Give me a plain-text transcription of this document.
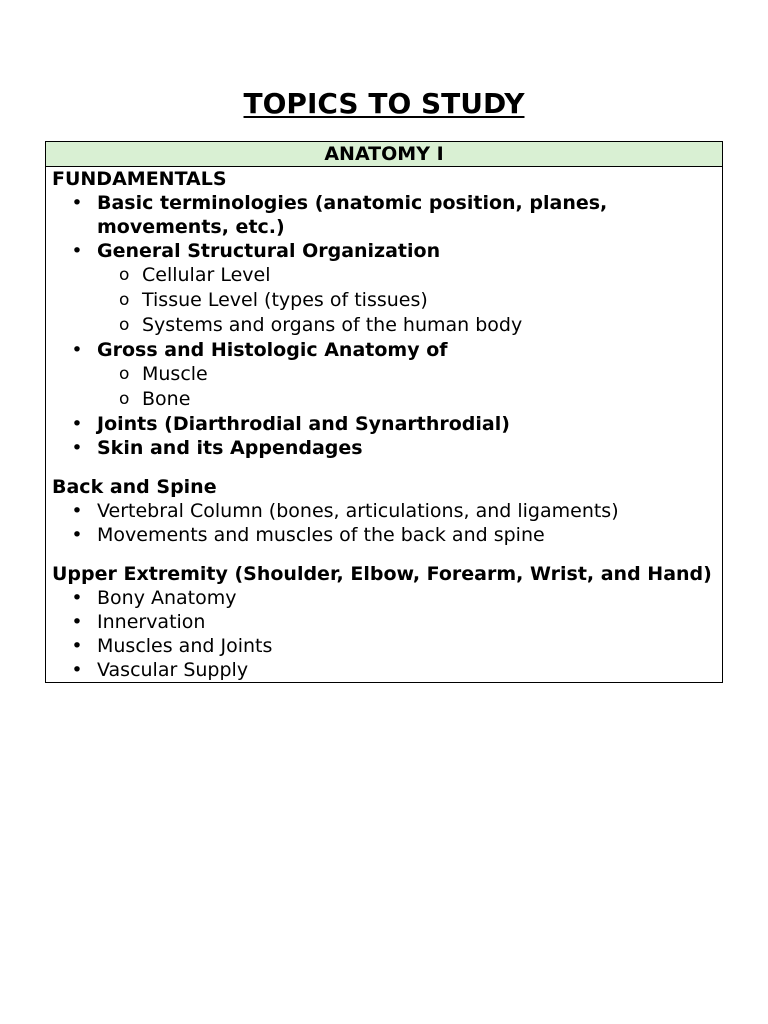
TOPICS TO STUDY
ANATOMY I
FUNDAMENTALS
• Basic terminologies (anatomic position, planes, movements, etc.)
• General Structural Organization
o Cellular Level
o Tissue Level (types of tissues)
o Systems and organs of the human body
• Gross and Histologic Anatomy of
o Muscle
o Bone
• Joints (Diarthrodial and Synarthrodial)
• Skin and its Appendages
Back and Spine
• Vertebral Column (bones, articulations, and ligaments)
• Movements and muscles of the back and spine
Upper Extremity (Shoulder, Elbow, Forearm, Wrist, and Hand)
• Bony Anatomy
• Innervation
• Muscles and Joints
• Vascular Supply
